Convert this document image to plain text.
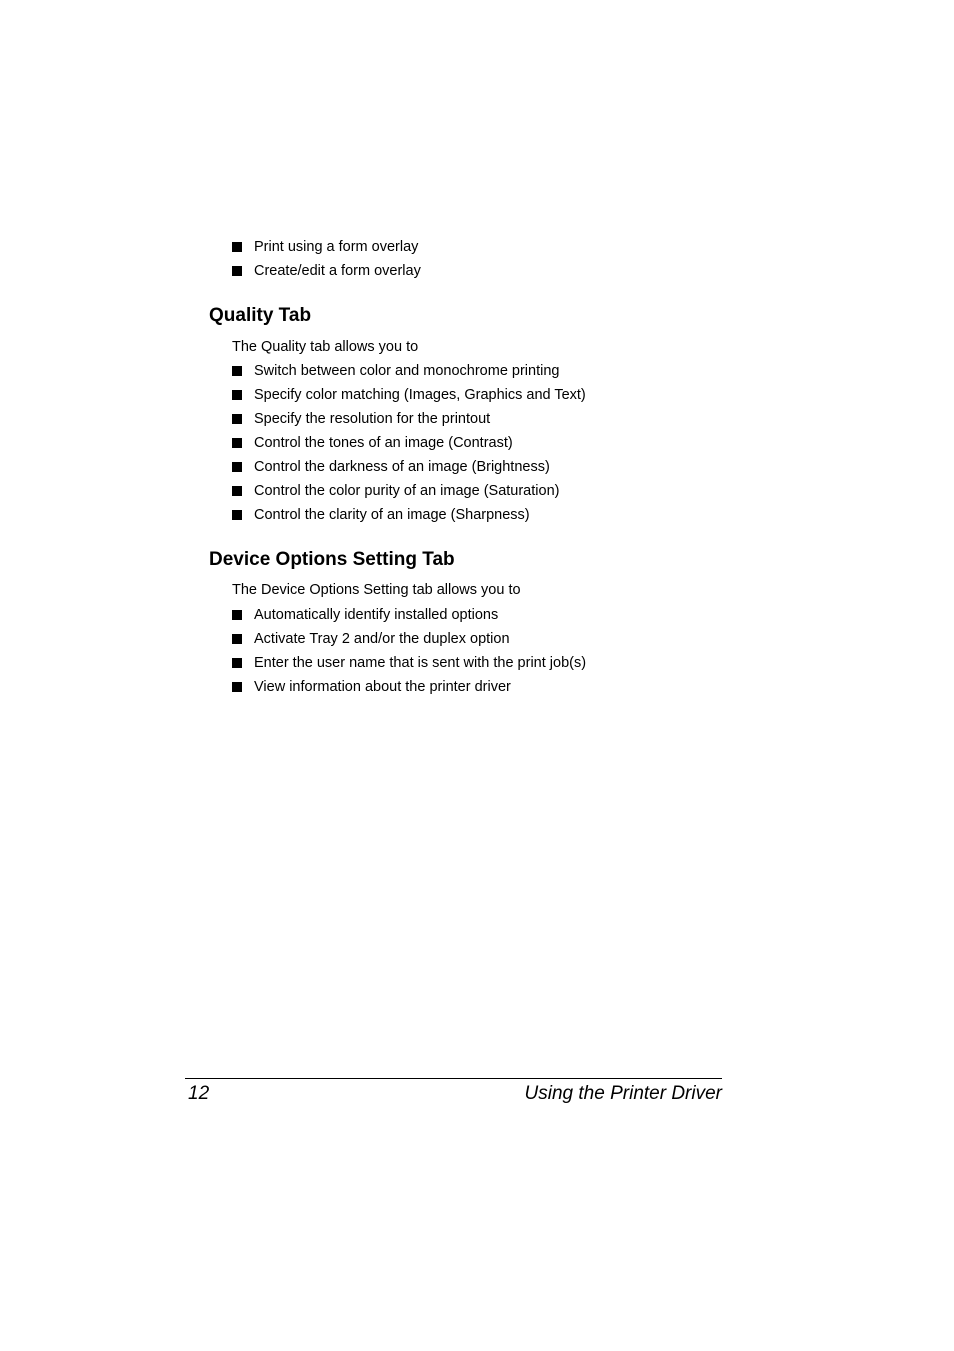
Print using a form overlay
Create/edit a form overlay
Quality Tab

The Quality tab allows you to

Switch between color and monochrome printing
Specify color matching (Images, Graphics and Text)
Specify the resolution for the printout
Control the tones of an image (Contrast)
Control the darkness of an image (Brightness)
Control the color purity of an image (Saturation)
Control the clarity of an image (Sharpness)
Device Options Setting Tab

The Device Options Setting tab allows you to

Automatically identify installed options
Activate Tray 2 and/or the duplex option
Enter the user name that is sent with the print job(s)
View information about the printer driver
12	Using the Printer Driver
